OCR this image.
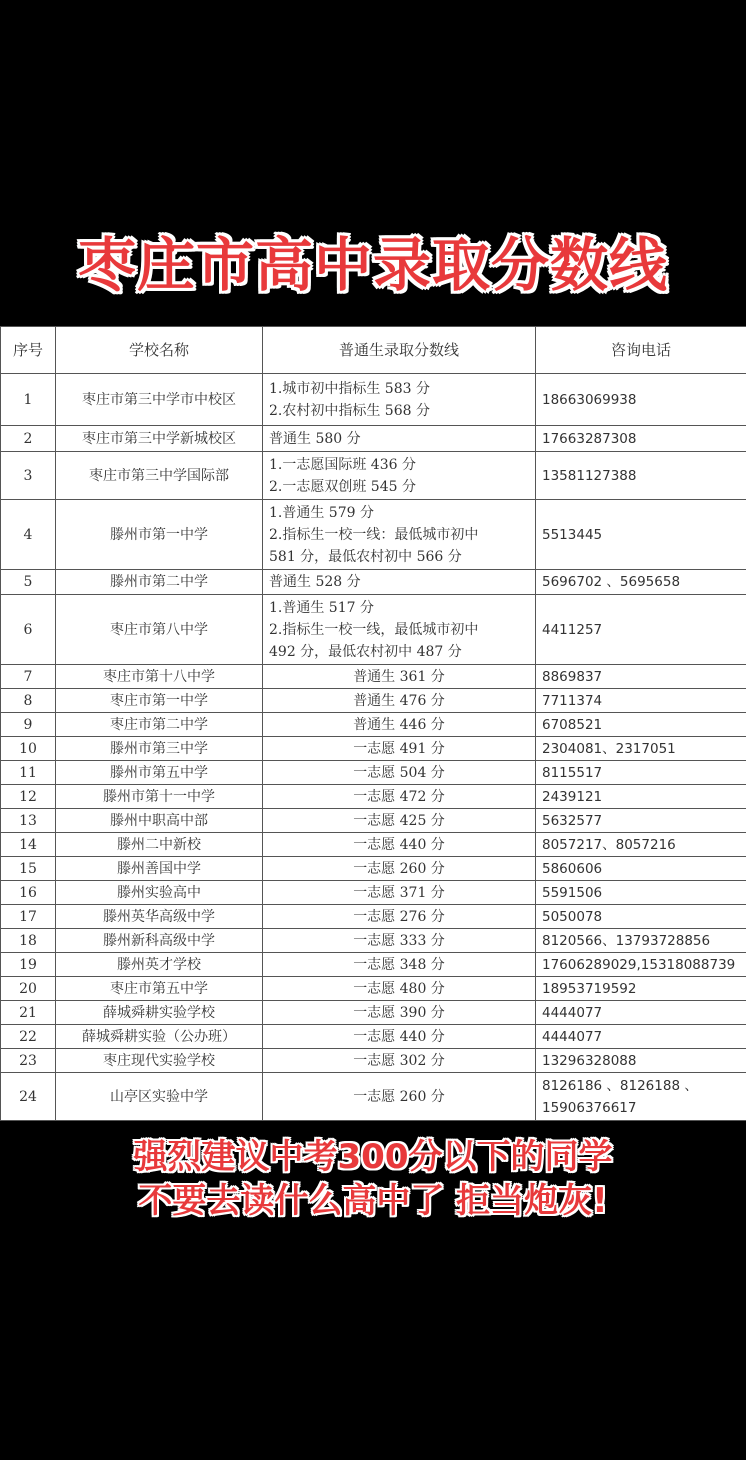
枣庄市高中录取分数线
序号	学校名称	普通生录取分数线	咨询电话
1	枣庄市第三中学市中校区	1.城市初中指标生 583 分
2.农村初中指标生 568 分	18663069938

2	枣庄市第三中学新城校区	普通生 580 分	17663287308

3	枣庄市第三中学国际部	1.一志愿国际班 436 分
2.一志愿双创班 545 分	13581127388

4	滕州市第一中学	1.普通生 579 分
2.指标生一校一线：最低城市初中
581 分，最低农村初中 566 分	5513445

5	滕州市第二中学	普通生 528 分	5696702 、5695658

6	枣庄市第八中学	1.普通生 517 分
2.指标生一校一线，最低城市初中
492 分，最低农村初中 487 分	4411257

7	枣庄市第十八中学	普通生 361 分	8869837

8	枣庄市第一中学	普通生 476 分	7711374

9	枣庄市第二中学	普通生 446 分	6708521

10	滕州市第三中学	一志愿 491 分	2304081、2317051

11	滕州市第五中学	一志愿 504 分	8115517

12	滕州市第十一中学	一志愿 472 分	2439121

13	滕州中职高中部	一志愿 425 分	5632577

14	滕州二中新校	一志愿 440 分	8057217、8057216

15	滕州善国中学	一志愿 260 分	5860606

16	滕州实验高中	一志愿 371 分	5591506

17	滕州英华高级中学	一志愿 276 分	5050078

18	滕州新科高级中学	一志愿 333 分	8120566、13793728856

19	滕州英才学校	一志愿 348 分	17606289029,15318088739

20	枣庄市第五中学	一志愿 480 分	18953719592

21	薛城舜耕实验学校	一志愿 390 分	4444077

22	薛城舜耕实验（公办班）	一志愿 440 分	4444077

23	枣庄现代实验学校	一志愿 302 分	13296328088

24	山亭区实验中学	一志愿 260 分	8126186 、8126188 、
15906376617
强烈建议中考300分以下的同学
不要去读什么高中了 拒当炮灰!
